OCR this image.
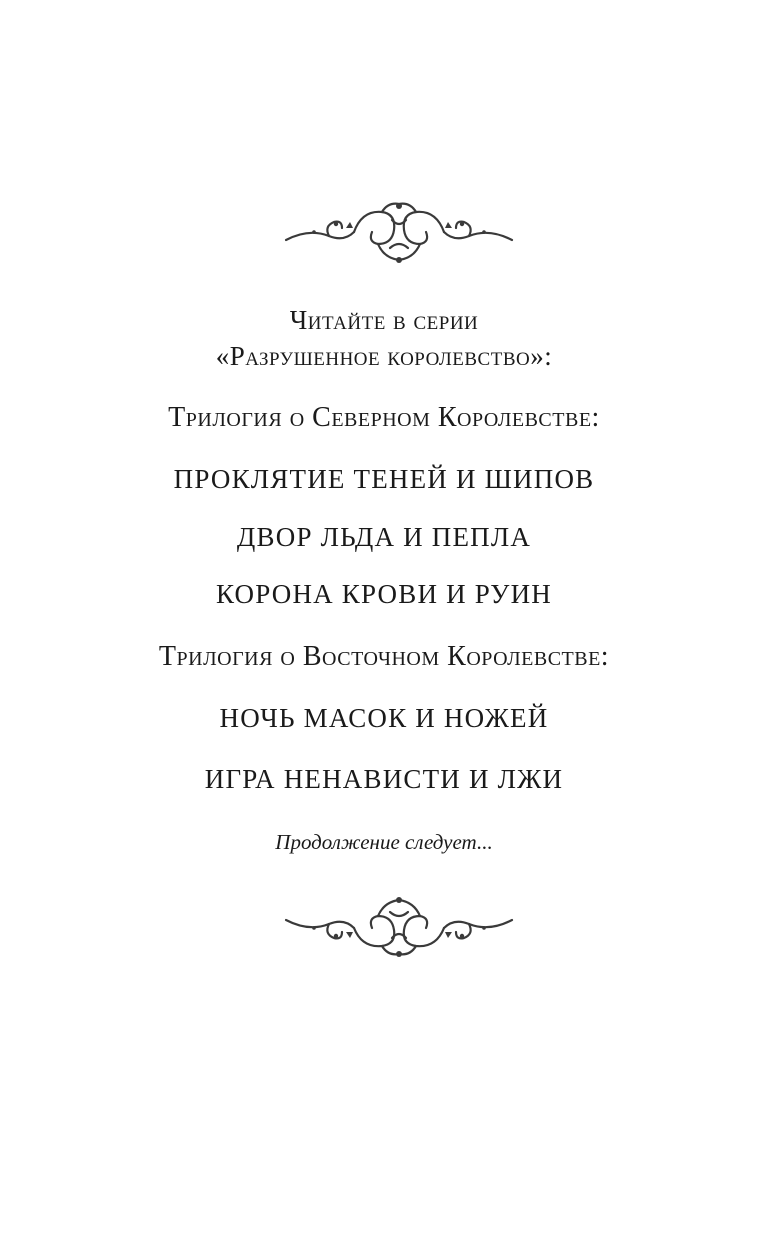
Читайте в серии
«Разрушенное королевство»:
Трилогия о Северном Королевстве:
ПРОКЛЯТИЕ ТЕНЕЙ И ШИПОВ
ДВОР ЛЬДА И ПЕПЛА
КОРОНА КРОВИ И РУИН
Трилогия о Восточном Королевстве:
НОЧЬ МАСОК И НОЖЕЙ
ИГРА НЕНАВИСТИ И ЛЖИ
Продолжение следует...
